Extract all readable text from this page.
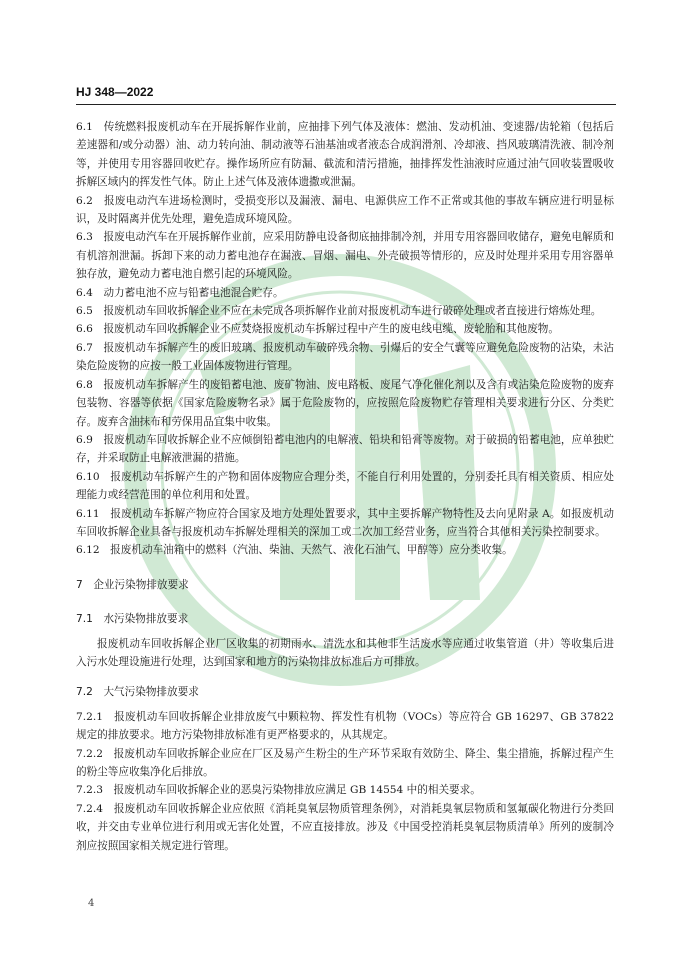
HJ 348—2022

6.1　传统燃料报废机动车在开展拆解作业前，应抽排下列气体及液体：燃油、发动机油、变速器/齿轮箱（包括后差速器和/或分动器）油、动力转向油、制动液等石油基油或者液态合成润滑剂、冷却液、挡风玻璃清洗液、制冷剂等，并使用专用容器回收贮存。操作场所应有防漏、截流和清污措施，抽排挥发性油液时应通过油气回收装置吸收拆解区域内的挥发性气体。防止上述气体及液体遗撒或泄漏。

6.2　报废电动汽车进场检测时，受损变形以及漏液、漏电、电源供应工作不正常或其他的事故车辆应进行明显标识，及时隔离并优先处理，避免造成环境风险。

6.3　报废电动汽车在开展拆解作业前，应采用防静电设备彻底抽排制冷剂，并用专用容器回收储存，避免电解质和有机溶剂泄漏。拆卸下来的动力蓄电池存在漏液、冒烟、漏电、外壳破损等情形的，应及时处理并采用专用容器单独存放，避免动力蓄电池自燃引起的环境风险。

6.4　动力蓄电池不应与铅蓄电池混合贮存。

6.5　报废机动车回收拆解企业不应在未完成各项拆解作业前对报废机动车进行破碎处理或者直接进行熔炼处理。

6.6　报废机动车回收拆解企业不应焚烧报废机动车拆解过程中产生的废电线电缆、废轮胎和其他废物。

6.7　报废机动车拆解产生的废旧玻璃、报废机动车破碎残余物、引爆后的安全气囊等应避免危险废物的沾染，未沾染危险废物的应按一般工业固体废物进行管理。

6.8　报废机动车拆解产生的废铅蓄电池、废矿物油、废电路板、废尾气净化催化剂以及含有或沾染危险废物的废弃包装物、容器等依据《国家危险废物名录》属于危险废物的，应按照危险废物贮存管理相关要求进行分区、分类贮存。废弃含油抹布和劳保用品宜集中收集。

6.9　报废机动车回收拆解企业不应倾倒铅蓄电池内的电解液、铅块和铅膏等废物。对于破损的铅蓄电池，应单独贮存，并采取防止电解液泄漏的措施。

6.10　报废机动车拆解产生的产物和固体废物应合理分类，不能自行利用处置的，分别委托具有相关资质、相应处理能力或经营范围的单位利用和处置。

6.11　报废机动车拆解产物应符合国家及地方处理处置要求，其中主要拆解产物特性及去向见附录 A。如报废机动车回收拆解企业具备与报废机动车拆解处理相关的深加工或二次加工经营业务，应当符合其他相关污染控制要求。

6.12　报废机动车油箱中的燃料（汽油、柴油、天然气、液化石油气、甲醇等）应分类收集。

7　企业污染物排放要求

7.1　水污染物排放要求

报废机动车回收拆解企业厂区收集的初期雨水、清洗水和其他非生活废水等应通过收集管道（井）等收集后进入污水处理设施进行处理，达到国家和地方的污染物排放标准后方可排放。

7.2　大气污染物排放要求

7.2.1　报废机动车回收拆解企业排放废气中颗粒物、挥发性有机物（VOCs）等应符合 GB 16297、GB 37822 规定的排放要求。地方污染物排放标准有更严格要求的，从其规定。

7.2.2　报废机动车回收拆解企业应在厂区及易产生粉尘的生产环节采取有效防尘、降尘、集尘措施，拆解过程产生的粉尘等应收集净化后排放。

7.2.3　报废机动车回收拆解企业的恶臭污染物排放应满足 GB 14554 中的相关要求。

7.2.4　报废机动车回收拆解企业应依照《消耗臭氧层物质管理条例》，对消耗臭氧层物质和氢氟碳化物进行分类回收，并交由专业单位进行利用或无害化处置，不应直接排放。涉及《中国受控消耗臭氧层物质清单》所列的废制冷剂应按照国家相关规定进行管理。

4
